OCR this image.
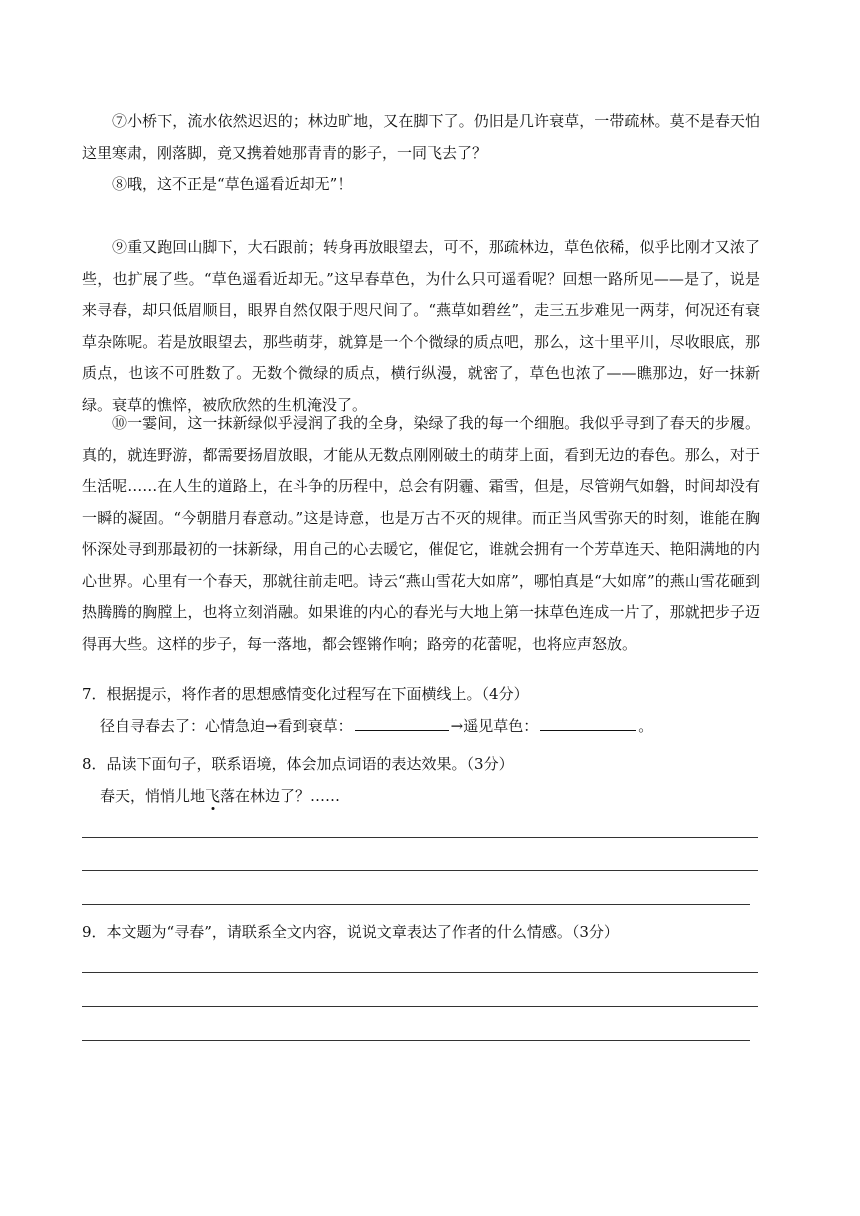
⑦小桥下，流水依然迟迟的；林边旷地，又在脚下了。仍旧是几许衰草，一带疏林。莫不是春天怕这里寒肃，刚落脚，竟又携着她那青青的影子，一同飞去了？

⑧哦，这不正是“草色遥看近却无”！

⑨重又跑回山脚下，大石跟前；转身再放眼望去，可不，那疏林边，草色依稀，似乎比刚才又浓了些，也扩展了些。“草色遥看近却无。”这早春草色，为什么只可遥看呢？回想一路所见——是了，说是来寻春，却只低眉顺目，眼界自然仅限于咫尺间了。“燕草如碧丝”，走三五步难见一两芽，何况还有衰草杂陈呢。若是放眼望去，那些萌芽，就算是一个个微绿的质点吧，那么，这十里平川，尽收眼底，那质点，也该不可胜数了。无数个微绿的质点，横行纵漫，就密了，草色也浓了——瞧那边，好一抹新绿。衰草的憔悴，被欣欣然的生机淹没了。

⑩一霎间，这一抹新绿似乎浸润了我的全身，染绿了我的每一个细胞。我似乎寻到了春天的步履。真的，就连野游，都需要扬眉放眼，才能从无数点刚刚破土的萌芽上面，看到无边的春色。那么，对于生活呢……在人生的道路上，在斗争的历程中，总会有阴霾、霜雪，但是，尽管朔气如磐，时间却没有一瞬的凝固。“今朝腊月春意动。”这是诗意，也是万古不灭的规律。而正当风雪弥天的时刻，谁能在胸怀深处寻到那最初的一抹新绿，用自己的心去暖它，催促它，谁就会拥有一个芳草连天、艳阳满地的内心世界。心里有一个春天，那就往前走吧。诗云“燕山雪花大如席”，哪怕真是“大如席”的燕山雪花砸到热腾腾的胸膛上，也将立刻消融。如果谁的内心的春光与大地上第一抹草色连成一片了，那就把步子迈得再大些。这样的步子，每一落地，都会铿锵作响；路旁的花蕾呢，也将应声怒放。

7．根据提示，将作者的思想感情变化过程写在下面横线上。（4分）

径自寻春去了：心情急迫→看到衰草：	→遥见草色：	。

8．品读下面句子，联系语境，体会加点词语的表达效果。（3分）

春天，悄悄儿地飞落在林边了？……

9．本文题为“寻春”，请联系全文内容，说说文章表达了作者的什么情感。（3分）
